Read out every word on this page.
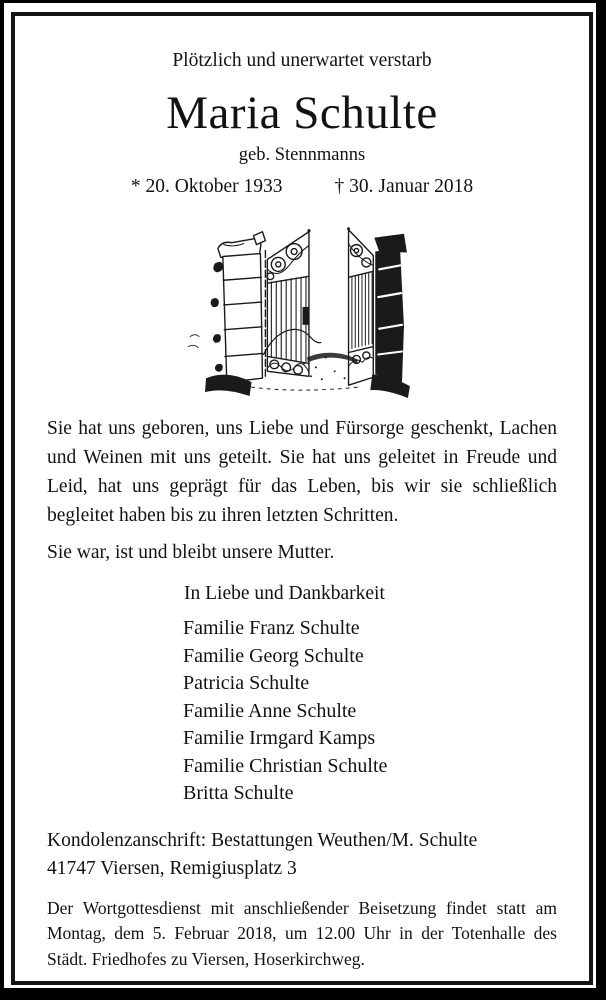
Plötzlich und unerwartet verstarb
Maria Schulte
geb. Stennmanns
* 20. Oktober 1933	† 30. Januar 2018
Sie hat uns geboren, uns Liebe und Fürsorge geschenkt, Lachen und Weinen mit uns geteilt. Sie hat uns geleitet in Freude und Leid, hat uns geprägt für das Leben, bis wir sie schließlich begleitet haben bis zu ihren letzten Schritten.
Sie war, ist und bleibt unsere Mutter.
In Liebe und Dankbarkeit
Familie Franz Schulte
Familie Georg Schulte
Patricia Schulte
Familie Anne Schulte
Familie Irmgard Kamps
Familie Christian Schulte
Britta Schulte
Kondolenzanschrift: Bestattungen Weuthen/M. Schulte
41747 Viersen, Remigiusplatz 3
Der Wortgottesdienst mit anschließender Beisetzung findet statt am Montag, dem 5. Februar 2018, um 12.00 Uhr in der Totenhalle des Städt. Friedhofes zu Viersen, Hoserkirchweg.
